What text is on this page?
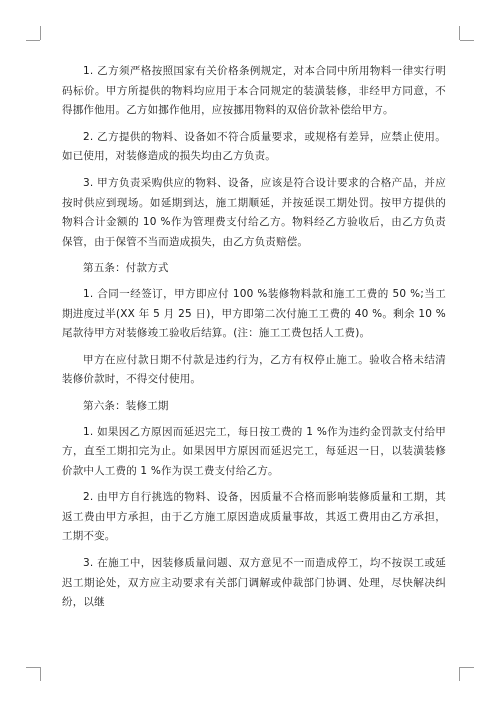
1. 乙方须严格按照国家有关价格条例规定，对本合同中所用物料一律实行明码标价。甲方所提供的物料均应用于本合同规定的装潢装修，非经甲方同意，不得挪作他用。乙方如挪作他用，应按挪用物料的双倍价款补偿给甲方。

2. 乙方提供的物料、设备如不符合质量要求，或规格有差异，应禁止使用。如已使用，对装修造成的损失均由乙方负责。

3. 甲方负责采购供应的物料、设备，应该是符合设计要求的合格产品，并应按时供应到现场。如延期到达，施工期顺延，并按延误工期处罚。按甲方提供的物料合计金额的 10 %作为管理费支付给乙方。物料经乙方验收后，由乙方负责保管，由于保管不当而造成损失，由乙方负责赔偿。

第五条：付款方式

1. 合同一经签订，甲方即应付 100 %装修物料款和施工工费的 50 %;当工期进度过半(XX 年 5 月 25 日)，甲方即第二次付施工工费的 40 %。剩余 10 %尾款待甲方对装修竣工验收后结算。(注：施工工费包括人工费)。

甲方在应付款日期不付款是违约行为，乙方有权停止施工。验收合格未结清装修价款时，不得交付使用。

第六条：装修工期

1. 如果因乙方原因而延迟完工，每日按工费的 1 %作为违约金罚款支付给甲方，直至工期扣完为止。如果因甲方原因而延迟完工，每延迟一日，以装潢装修价款中人工费的 1 %作为误工费支付给乙方。

2. 由甲方自行挑选的物料、设备，因质量不合格而影响装修质量和工期，其返工费由甲方承担，由于乙方施工原因造成质量事故，其返工费用由乙方承担，工期不变。

3. 在施工中，因装修质量问题、双方意见不一而造成停工，均不按误工或延迟工期论处，双方应主动要求有关部门调解或仲裁部门协调、处理，尽快解决纠纷，以继
